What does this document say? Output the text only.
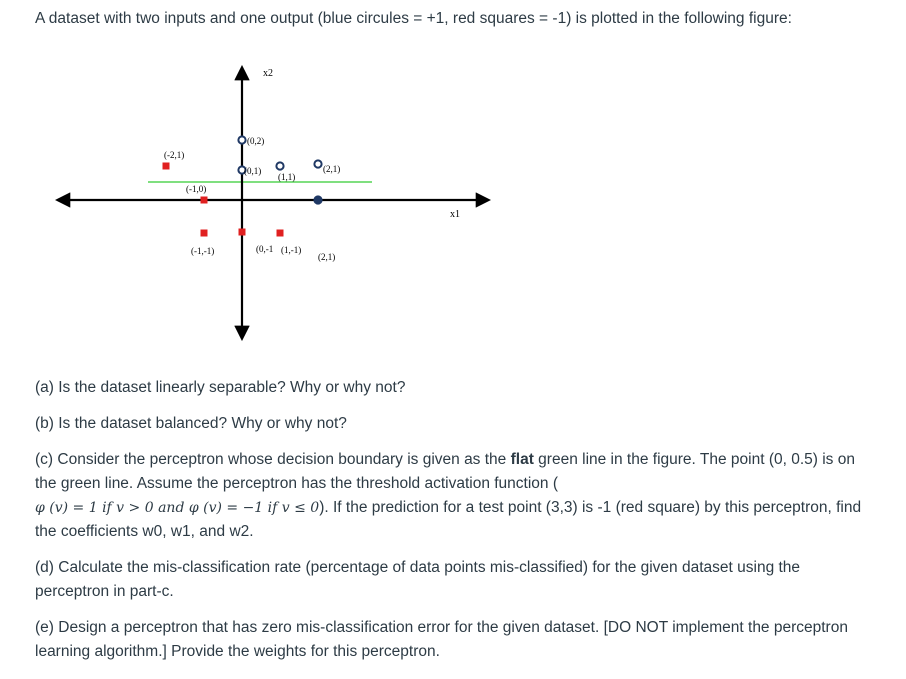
A dataset with two inputs and one output (blue circules = +1, red squares = -1) is plotted in the following figure:

x2
x1
(0,2)
(0,1)
(1,1)
(2,1)
(-2,1)
(-1,0)
(-1,-1)	(0,-1 (1,-1)
(2,1)

(a) Is the dataset linearly separable? Why or why not?

(b) Is the dataset balanced? Why or why not?

(c) Consider the perceptron whose decision boundary is given as the flat green line in the figure. The point (0, 0.5) is on the green line. Assume the perceptron has the threshold activation function (
φ (v) = 1 if v > 0 and φ (v) = −1 if v ≤ 0). If the prediction for a test point (3,3) is -1 (red square) by this perceptron, find the coefficients w0, w1, and w2.

(d) Calculate the mis-classification rate (percentage of data points mis-classified) for the given dataset using the perceptron in part-c.

(e) Design a perceptron that has zero mis-classification error for the given dataset. [DO NOT implement the perceptron learning algorithm.] Provide the weights for this perceptron.
